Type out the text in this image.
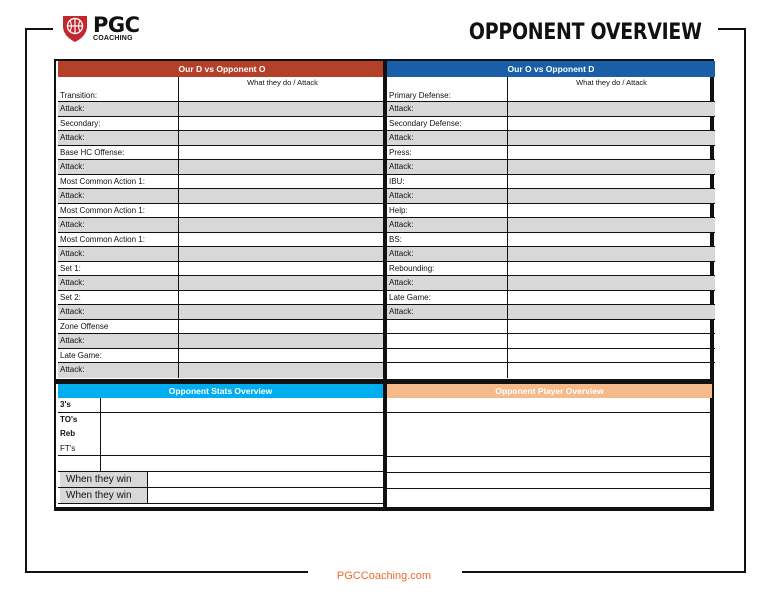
PGC
COACHING	OPPONENT OVERVIEW
Our D vs Opponent O
What they do / Attack
Transition:
Attack:
Secondary:
Attack:
Base HC Offense:
Attack:
Most Common Action 1:
Attack:
Most Common Action 1:
Attack:
Most Common Action 1:
Attack:
Set 1:
Attack:
Set 2:
Attack:
Zone Offense
Attack:
Late Game:
Attack:
Our O vs Opponent D
What they do / Attack
Primary Defense:
Attack:
Secondary Defense:
Attack:
Press:
Attack:
IBU:
Attack:
Help:
Attack:
BS:
Attack:
Rebounding:
Attack:
Late Game:
Attack:
Opponent Stats Overview
3's
TO's
Reb
FT's
When they win
When they win
Opponent Player Overview
PGCCoaching.com
